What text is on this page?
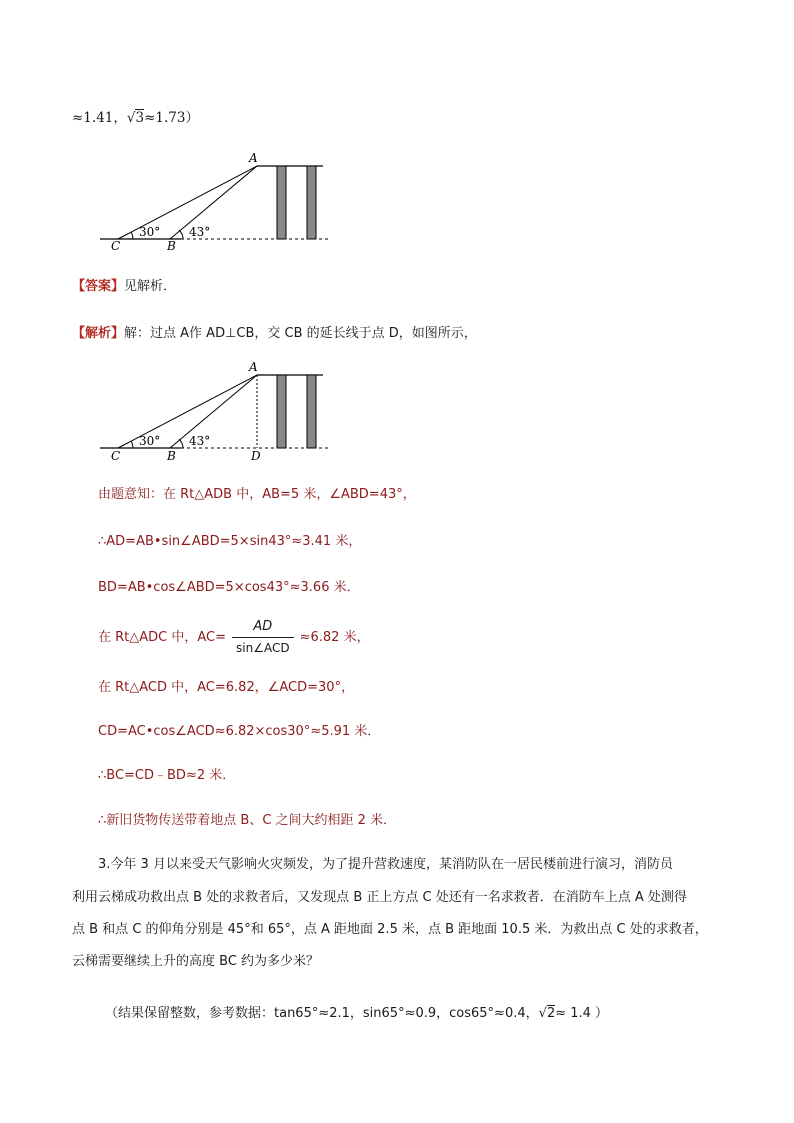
≈1.41，√3≈1.73）
A
C	B
30° 43°
【答案】见解析．
【解析】解：过点 A作 AD⊥CB，交 CB 的延长线于点 D，如图所示，
A
C	B	D
30° 43°
由题意知：在 Rt△ADB 中，AB=5 米，∠ABD=43°，
∴AD=AB•sin∠ABD=5×sin43°≈3.41 米，
BD=AB•cos∠ABD=5×cos43°≈3.66 米．
在 Rt△ADC 中，$AC= \frac{AD}{\text{sin∠ACD}} \approx 6.82$ 米，
在 Rt△ACD 中，AC=6.82，∠ACD=30°，
CD=AC•cos∠ACD≈6.82×cos30°≈5.91 米．
∴BC=CD﹣BD≈2 米．
∴新旧货物传送带着地点 B、C 之间大约相距 2 米．
3.今年 3 月以来受天气影响火灾频发，为了提升营救速度，某消防队在一居民楼前进行演习，消防员
利用云梯成功救出点 B 处的求救者后，又发现点 B 正上方点 C 处还有一名求救者．在消防车上点 A 处测得
点 B 和点 C 的仰角分别是 45°和 65°，点 A 距地面 2.5 米，点 B 距地面 10.5 米．为救出点 C 处的求救者，
云梯需要继续上升的高度 BC 约为多少米？
（结果保留整数，参考数据：tan65°≈2.1，sin65°≈0.9，cos65°≈0.4，√2≈ 1.4 ）
